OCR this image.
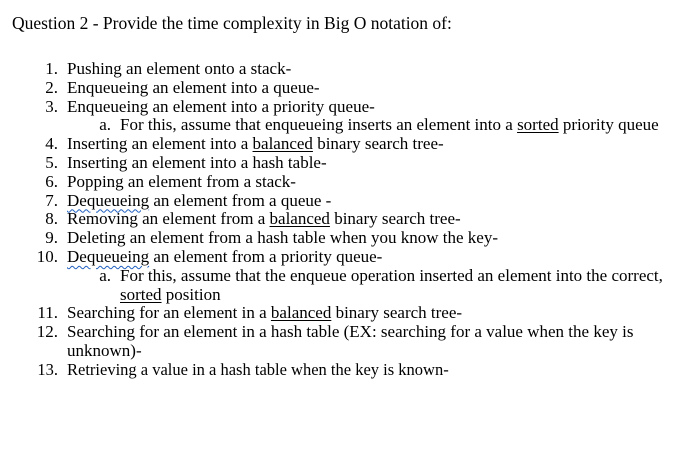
Question 2 - Provide the time complexity in Big O notation of:
1. Pushing an element onto a stack-
2. Enqueueing an element into a queue-
3. Enqueueing an element into a priority queue-
a. For this, assume that enqueueing inserts an element into a sorted priority queue
4. Inserting an element into a balanced binary search tree-
5. Inserting an element into a hash table-
6. Popping an element from a stack-
7. Dequeueing an element from a queue -
8. Removing an element from a balanced binary search tree-
9. Deleting an element from a hash table when you know the key-
10. Dequeueing an element from a priority queue-
a. For this, assume that the enqueue operation inserted an element into the correct,
sorted position
11. Searching for an element in a balanced binary search tree-
12. Searching for an element in a hash table (EX: searching for a value when the key is
unknown)-
13. Retrieving a value in a hash table when the key is known-
